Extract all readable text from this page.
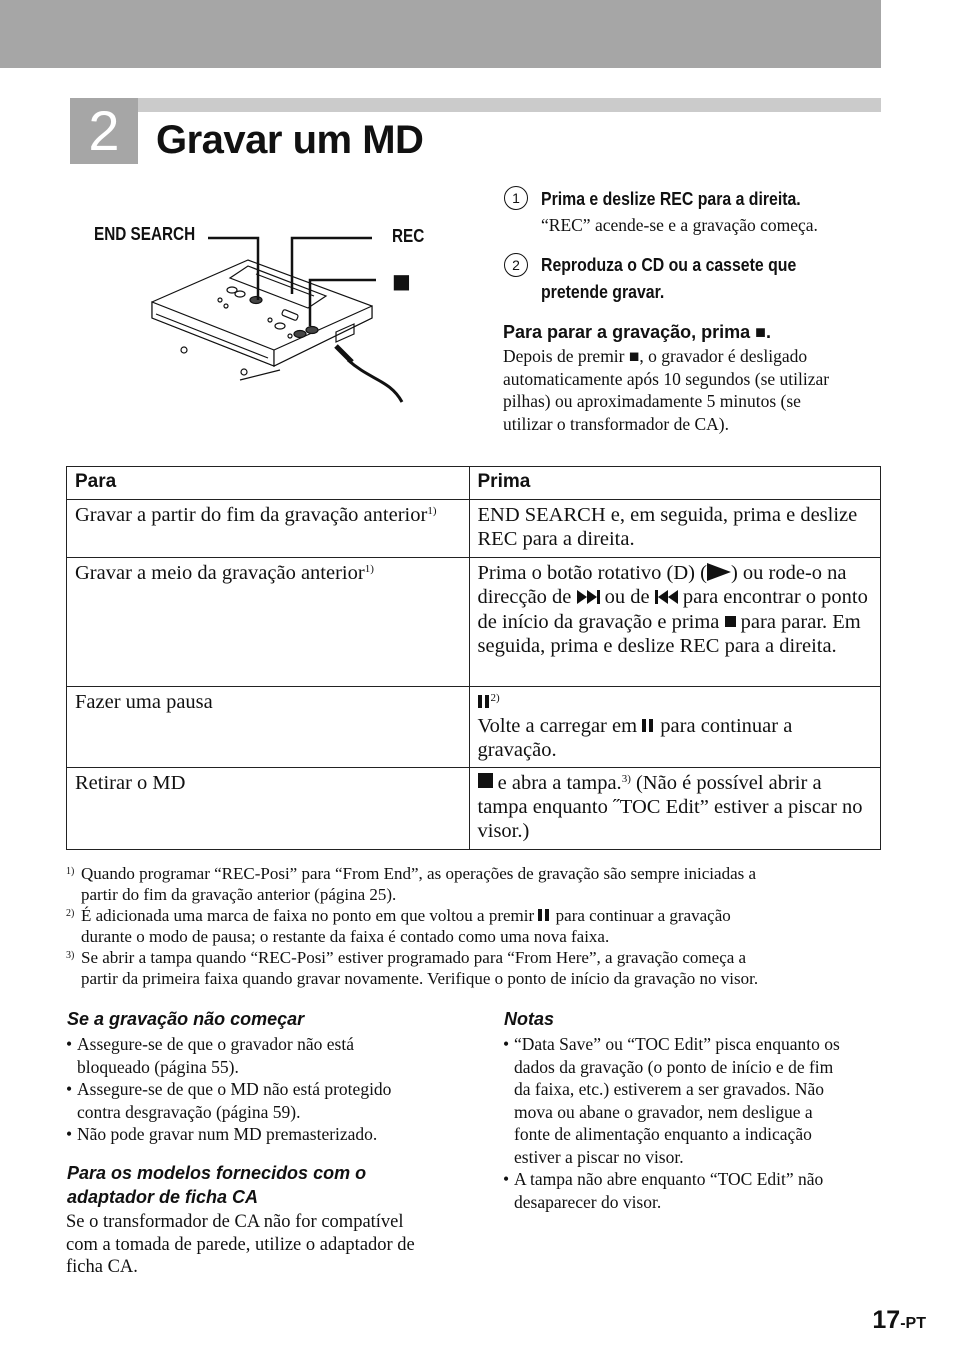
2 Gravar um MD
END SEARCH	REC
■
1	Prima e deslize REC para a direita.
“REC” acende-se e a gravação começa.
2	Reproduza o CD ou a cassete que
pretende gravar.
Para parar a gravação, prima ■.
Depois de premir ■, o gravador é desligado
automaticamente após 10 segundos (se utilizar
pilhas) ou aproximadamente 5 minutos (se
utilizar o transformador de CA).
Para	Prima
Gravar a partir do fim da gravação anterior$^{1)}$	END SEARCH e, em seguida, prima e deslize REC para a direita.
Gravar a meio da gravação anterior$^{1)}$	Prima o botão rotativo (D) ( ) ou rode-o na direcção de  ou de  para encontrar o ponto de início da gravação e prima  para parar. Em seguida, prima e deslize REC para a direita.
Fazer uma pausa	$^{2)}$
Volte a carregar em  para continuar a gravação.
Retirar o MD	e abra a tampa.$^{3)}$ (Não é possível abrir a tampa enquanto ˝TOC Edit” estiver a piscar no visor.)
1) Quando programar “REC-Posi” para “From End”, as operações de gravação são sempre iniciadas a
partir do fim da gravação anterior (página 25).
2) É adicionada uma marca de faixa no ponto em que voltou a premir  para continuar a gravação
durante o modo de pausa; o restante da faixa é contado como uma nova faixa.
3) Se abrir a tampa quando “REC-Posi” estiver programado para “From Here”, a gravação começa a
partir da primeira faixa quando gravar novamente. Verifique o ponto de início da gravação no visor.
Se a gravação não começar
• Assegure-se de que o gravador não está
bloqueado (página 55).
• Assegure-se de que o MD não está protegido
contra desgravação (página 59).
• Não pode gravar num MD premasterizado.
Para os modelos fornecidos com o
adaptador de ficha CA
Se o transformador de CA não for compatível
com a tomada de parede, utilize o adaptador de
ficha CA.
Notas
• “Data Save” ou “TOC Edit” pisca enquanto os
dados da gravação (o ponto de início e de fim
da faixa, etc.) estiverem a ser gravados. Não
mova ou abane o gravador, nem desligue a
fonte de alimentação enquanto a indicação
estiver a piscar no visor.
• A tampa não abre enquanto “TOC Edit” não
desaparecer do visor.
17-PT
